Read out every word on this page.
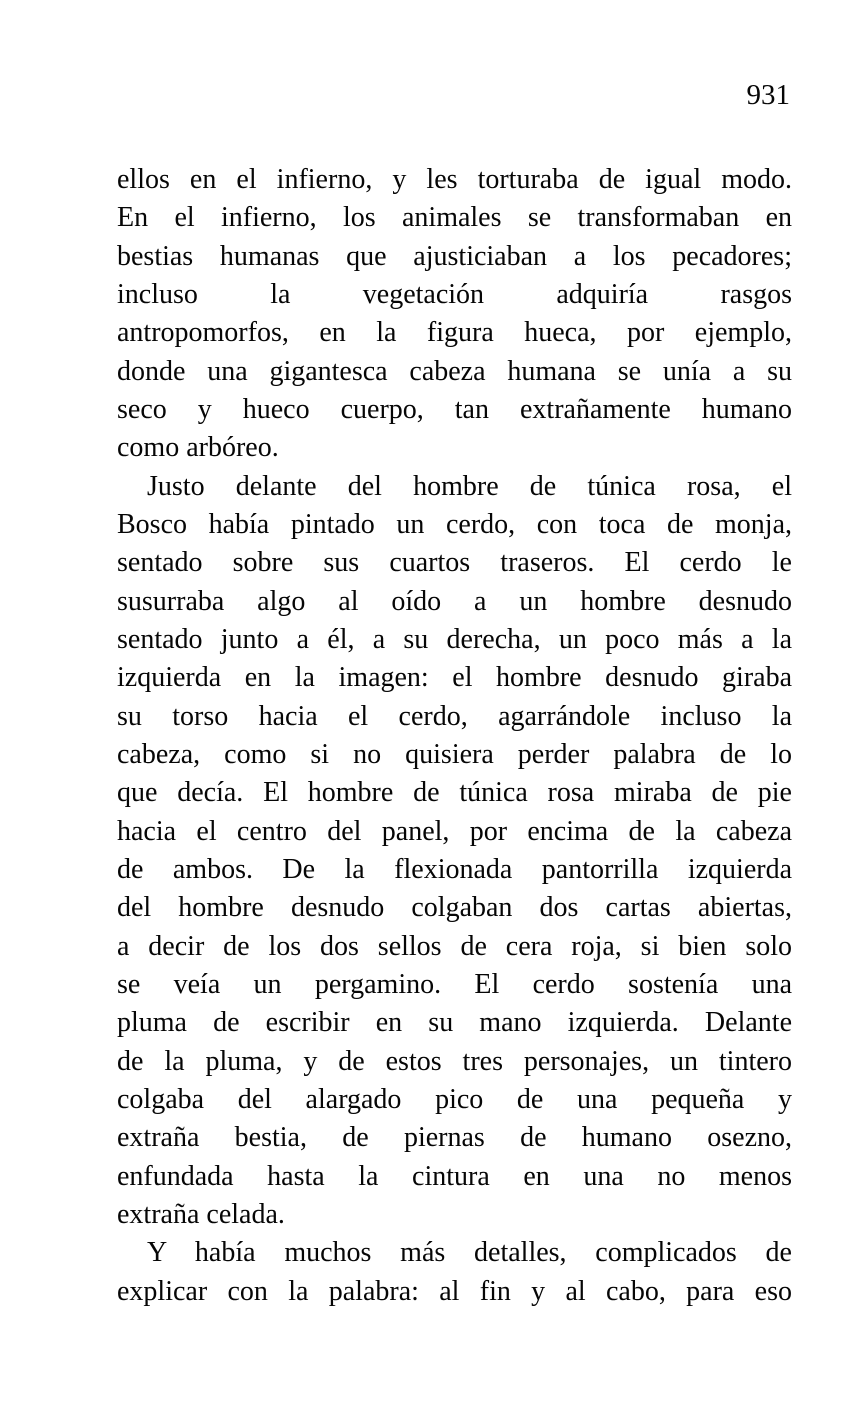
931
ellos en el infierno, y les torturaba de igual modo.
En el infierno, los animales se transformaban en
bestias humanas que ajusticiaban a los pecadores;
incluso la vegetación adquiría rasgos
antropomorfos, en la figura hueca, por ejemplo,
donde una gigantesca cabeza humana se unía a su
seco y hueco cuerpo, tan extrañamente humano
como arbóreo.
Justo delante del hombre de túnica rosa, el
Bosco había pintado un cerdo, con toca de monja,
sentado sobre sus cuartos traseros. El cerdo le
susurraba algo al oído a un hombre desnudo
sentado junto a él, a su derecha, un poco más a la
izquierda en la imagen: el hombre desnudo giraba
su torso hacia el cerdo, agarrándole incluso la
cabeza, como si no quisiera perder palabra de lo
que decía. El hombre de túnica rosa miraba de pie
hacia el centro del panel, por encima de la cabeza
de ambos. De la flexionada pantorrilla izquierda
del hombre desnudo colgaban dos cartas abiertas,
a decir de los dos sellos de cera roja, si bien solo
se veía un pergamino. El cerdo sostenía una
pluma de escribir en su mano izquierda. Delante
de la pluma, y de estos tres personajes, un tintero
colgaba del alargado pico de una pequeña y
extraña bestia, de piernas de humano osezno,
enfundada hasta la cintura en una no menos
extraña celada.
Y había muchos más detalles, complicados de
explicar con la palabra: al fin y al cabo, para eso
